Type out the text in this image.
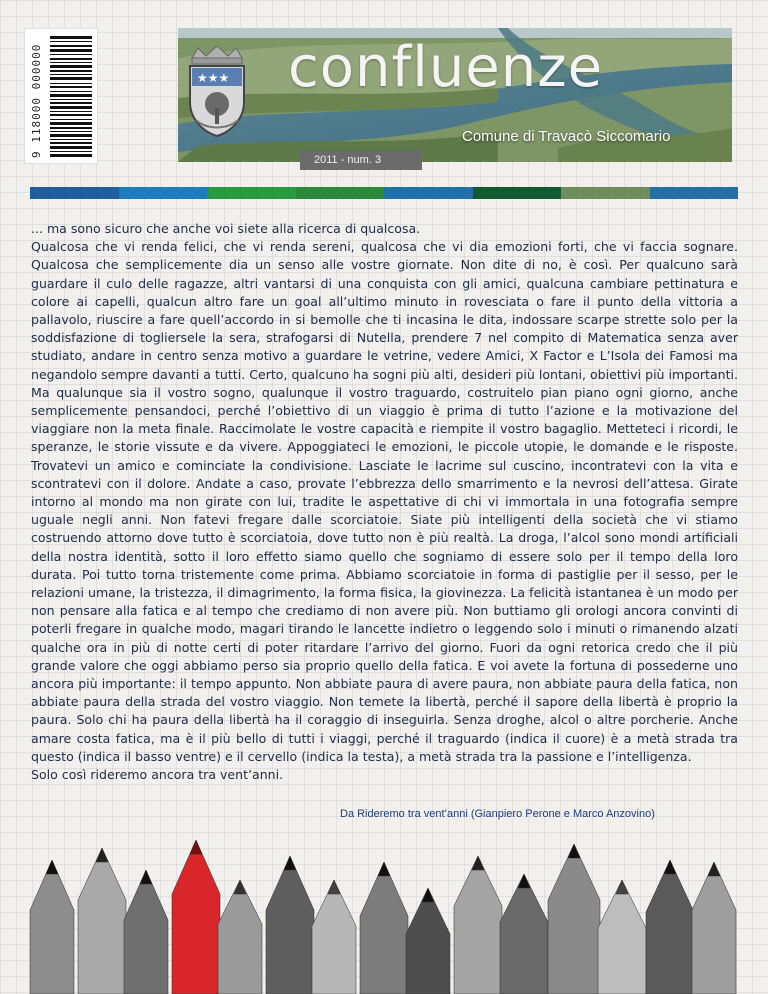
9 118000 000000	★★★ confluenze
Comune di Travacò Siccomario
2011 - num. 3

... ma sono sicuro che anche voi siete alla ricerca di qualcosa.

Qualcosa che vi renda felici, che vi renda sereni, qualcosa che vi dia emozioni forti, che vi faccia sognare. Qualcosa che semplicemente dia un senso alle vostre giornate. Non dite di no, è così. Per qualcuno sarà guardare il culo delle ragazze, altri vantarsi di una conquista con gli amici, qualcuna cambiare pettinatura e colore ai capelli, qualcun altro fare un goal all’ultimo minuto in rovesciata o fare il punto della vittoria a pallavolo, riuscire a fare quell’accordo in si bemolle che ti incasina le dita, indossare scarpe strette solo per la soddisfazione di togliersele la sera, strafogarsi di Nutella, prendere 7 nel compito di Matematica senza aver studiato, andare in centro senza motivo a guardare le vetrine, vedere Amici, X Factor e L’Isola dei Famosi ma negandolo sempre davanti a tutti. Certo, qualcuno ha sogni più alti, desideri più lontani, obiettivi più importanti. Ma qualunque sia il vostro sogno, qualunque il vostro traguardo, costruitelo pian piano ogni giorno, anche semplicemente pensandoci, perché l’obiettivo di un viaggio è prima di tutto l’azione e la motivazione del viaggiare non la meta finale. Raccimolate le vostre capacità e riempite il vostro bagaglio. Metteteci i ricordi, le speranze, le storie vissute e da vivere. Appoggiateci le emozioni, le piccole utopie, le domande e le risposte. Trovatevi un amico e cominciate la condivisione. Lasciate le lacrime sul cuscino, incontratevi con la vita e scontratevi con il dolore. Andate a caso, provate l’ebbrezza dello smarrimento e la nevrosi dell’attesa. Girate intorno al mondo ma non girate con lui, tradite le aspettative di chi vi immortala in una fotografia sempre uguale negli anni. Non fatevi fregare dalle scorciatoie. Siate più intelligenti della società che vi stiamo costruendo attorno dove tutto è scorciatoia, dove tutto non è più realtà. La droga, l’alcol sono mondi artificiali della nostra identità, sotto il loro effetto siamo quello che sogniamo di essere solo per il tempo della loro durata. Poi tutto torna tristemente come prima. Abbiamo scorciatoie in forma di pastiglie per il sesso, per le relazioni umane, la tristezza, il dimagrimento, la forma fisica, la giovinezza. La felicità istantanea è un modo per non pensare alla fatica e al tempo che crediamo di non avere più. Non buttiamo gli orologi ancora convinti di poterli fregare in qualche modo, magari tirando le lancette indietro o leggendo solo i minuti o rimanendo alzati qualche ora in più di notte certi di poter ritardare l’arrivo del giorno. Fuori da ogni retorica credo che il più grande valore che oggi abbiamo perso sia proprio quello della fatica. E voi avete la fortuna di possederne uno ancora più importante: il tempo appunto. Non abbiate paura di avere paura, non abbiate paura della fatica, non abbiate paura della strada del vostro viaggio. Non temete la libertà, perché il sapore della libertà è proprio la paura. Solo chi ha paura della libertà ha il coraggio di inseguirla. Senza droghe, alcol o altre porcherie. Anche amare costa fatica, ma è il più bello di tutti i viaggi, perché il traguardo (indica il cuore) è a metà strada tra questo (indica il basso ventre) e il cervello (indica la testa), a metà strada tra la passione e l’intelligenza.

Solo così rideremo ancora tra vent’anni.

Da Rideremo tra vent’anni (Gianpiero Perone e Marco Anzovino)
